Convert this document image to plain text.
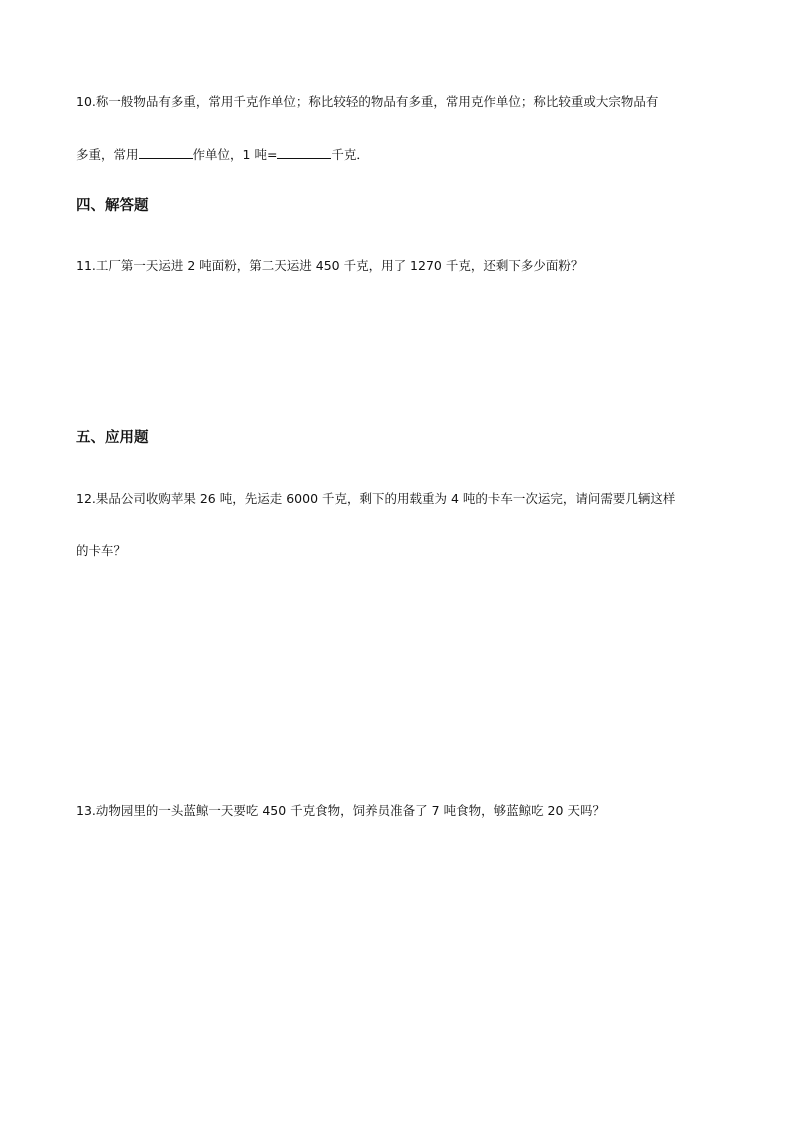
10.称一般物品有多重，常用千克作单位；称比较轻的物品有多重，常用克作单位；称比较重或大宗物品有
多重，常用	作单位，1 吨=	千克．
四、解答题
11.工厂第一天运进 2 吨面粉，第二天运进 450 千克，用了 1270 千克，还剩下多少面粉？
五、应用题
12.果品公司收购苹果 26 吨，先运走 6000 千克，剩下的用载重为 4 吨的卡车一次运完，请问需要几辆这样
的卡车？
13.动物园里的一头蓝鲸一天要吃 450 千克食物，饲养员准备了 7 吨食物，够蓝鲸吃 20 天吗？
